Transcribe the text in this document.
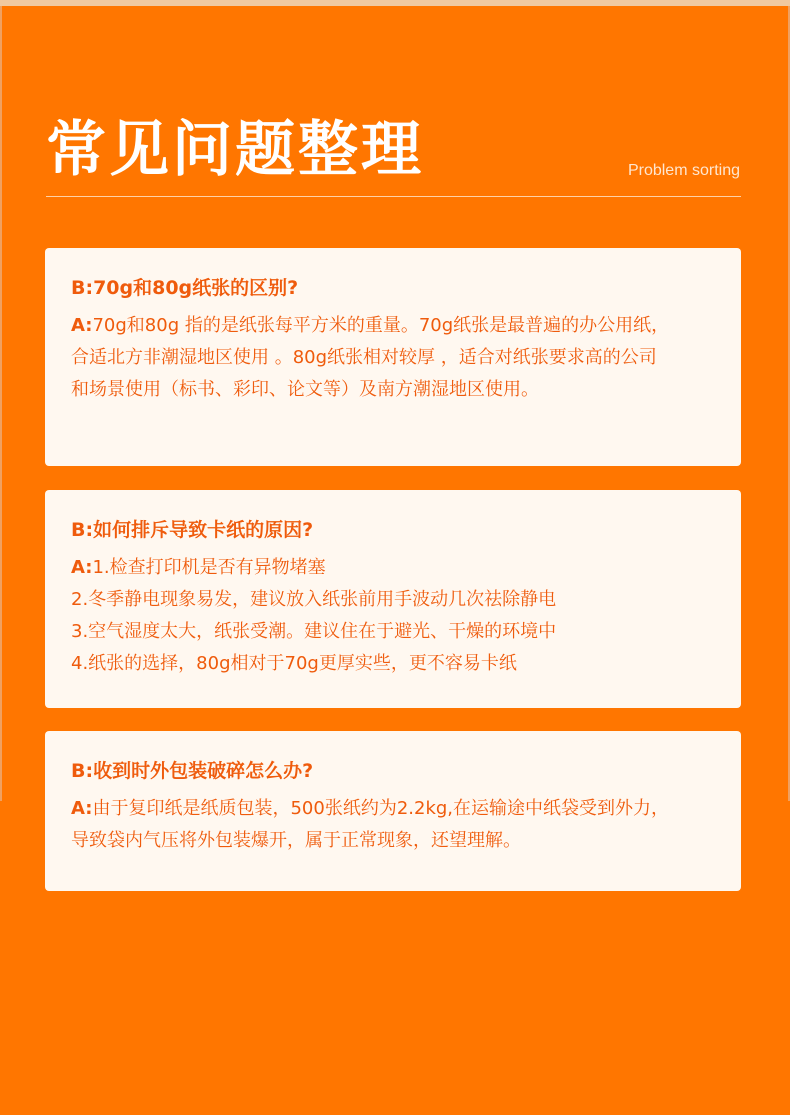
常见问题整理	Problem sorting

B:70g和80g纸张的区别?

A:70g和80g 指的是纸张每平方米的重量。70g纸张是最普遍的办公用纸，合适北方非潮湿地区使用 。80g纸张相对较厚 ，适合对纸张要求高的公司和场景使用（标书、彩印、论文等）及南方潮湿地区使用。

B:如何排斥导致卡纸的原因?

A:1.检查打印机是否有异物堵塞
2.冬季静电现象易发，建议放入纸张前用手波动几次祛除静电
3.空气湿度太大，纸张受潮。建议住在于避光、干燥的环境中
4.纸张的选择，80g相对于70g更厚实些，更不容易卡纸

B:收到时外包装破碎怎么办?

A:由于复印纸是纸质包装，500张纸约为2.2kg,在运输途中纸袋受到外力，导致袋内气压将外包装爆开，属于正常现象，还望理解。
